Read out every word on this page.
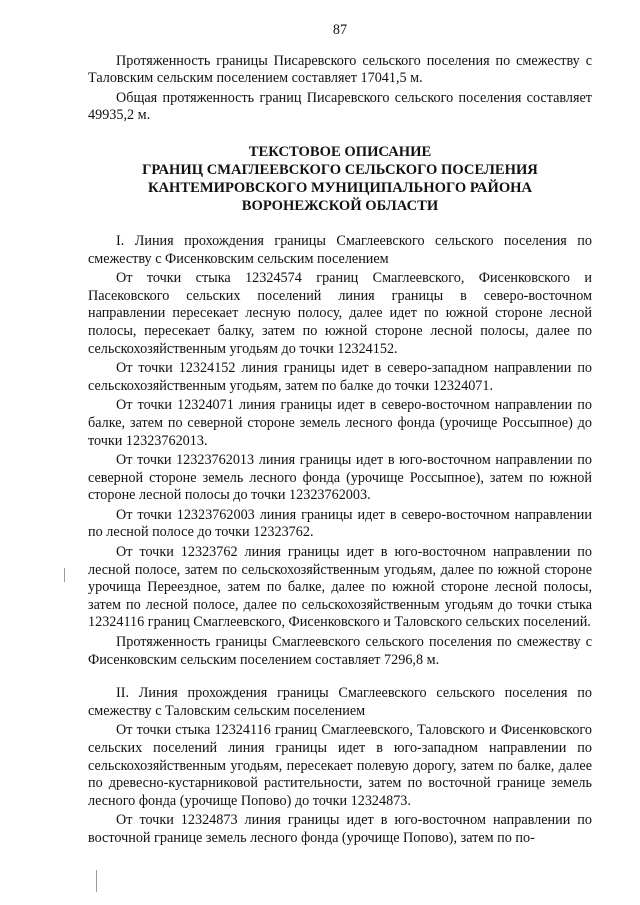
87

Протяженность границы Писаревского сельского поселения по смежеству с Таловским сельским поселением составляет 17041,5 м.

Общая протяженность границ Писаревского сельского поселения составляет 49935,2 м.

ТЕКСТОВОЕ ОПИСАНИЕ
ГРАНИЦ СМАГЛЕЕВСКОГО СЕЛЬСКОГО ПОСЕЛЕНИЯ
КАНТЕМИРОВСКОГО МУНИЦИПАЛЬНОГО РАЙОНА
ВОРОНЕЖСКОЙ ОБЛАСТИ

I. Линия прохождения границы Смаглеевского сельского поселения по смежеству с Фисенковским сельским поселением

От точки стыка 12324574 границ Смаглеевского, Фисенковского и Пасековского сельских поселений линия границы в северо-восточном направлении пересекает лесную полосу, далее идет по южной стороне лесной полосы, пересекает балку, затем по южной стороне лесной полосы, далее по сельскохозяйственным угодьям до точки 12324152.

От точки 12324152 линия границы идет в северо-западном направлении по сельскохозяйственным угодьям, затем по балке до точки 12324071.

От точки 12324071 линия границы идет в северо-восточном направлении по балке, затем по северной стороне земель лесного фонда (урочище Россыпное) до точки 12323762013.

От точки 12323762013 линия границы идет в юго-восточном направлении по северной стороне земель лесного фонда (урочище Россыпное), затем по южной стороне лесной полосы до точки 12323762003.

От точки 12323762003 линия границы идет в северо-восточном направлении по лесной полосе до точки 12323762.

От точки 12323762 линия границы идет в юго-восточном направлении по лесной полосе, затем по сельскохозяйственным угодьям, далее по южной стороне урочища Переездное, затем по балке, далее по южной стороне лесной полосы, затем по лесной полосе, далее по сельскохозяйственным угодьям до точки стыка 12324116 границ Смаглеевского, Фисенковского и Таловского сельских поселений.

Протяженность границы Смаглеевского сельского поселения по смежеству с Фисенковским сельским поселением составляет 7296,8 м.

II. Линия прохождения границы Смаглеевского сельского поселения по смежеству с Таловским сельским поселением

От точки стыка 12324116 границ Смаглеевского, Таловского и Фисенковского сельских поселений линия границы идет в юго-западном направлении по сельскохозяйственным угодьям, пересекает полевую дорогу, затем по балке, далее по древесно-кустарниковой растительности, затем по восточной границе земель лесного фонда (урочище Попово) до точки 12324873.

От точки 12324873 линия границы идет в юго-восточном направлении по восточной границе земель лесного фонда (урочище Попово), затем по по-
